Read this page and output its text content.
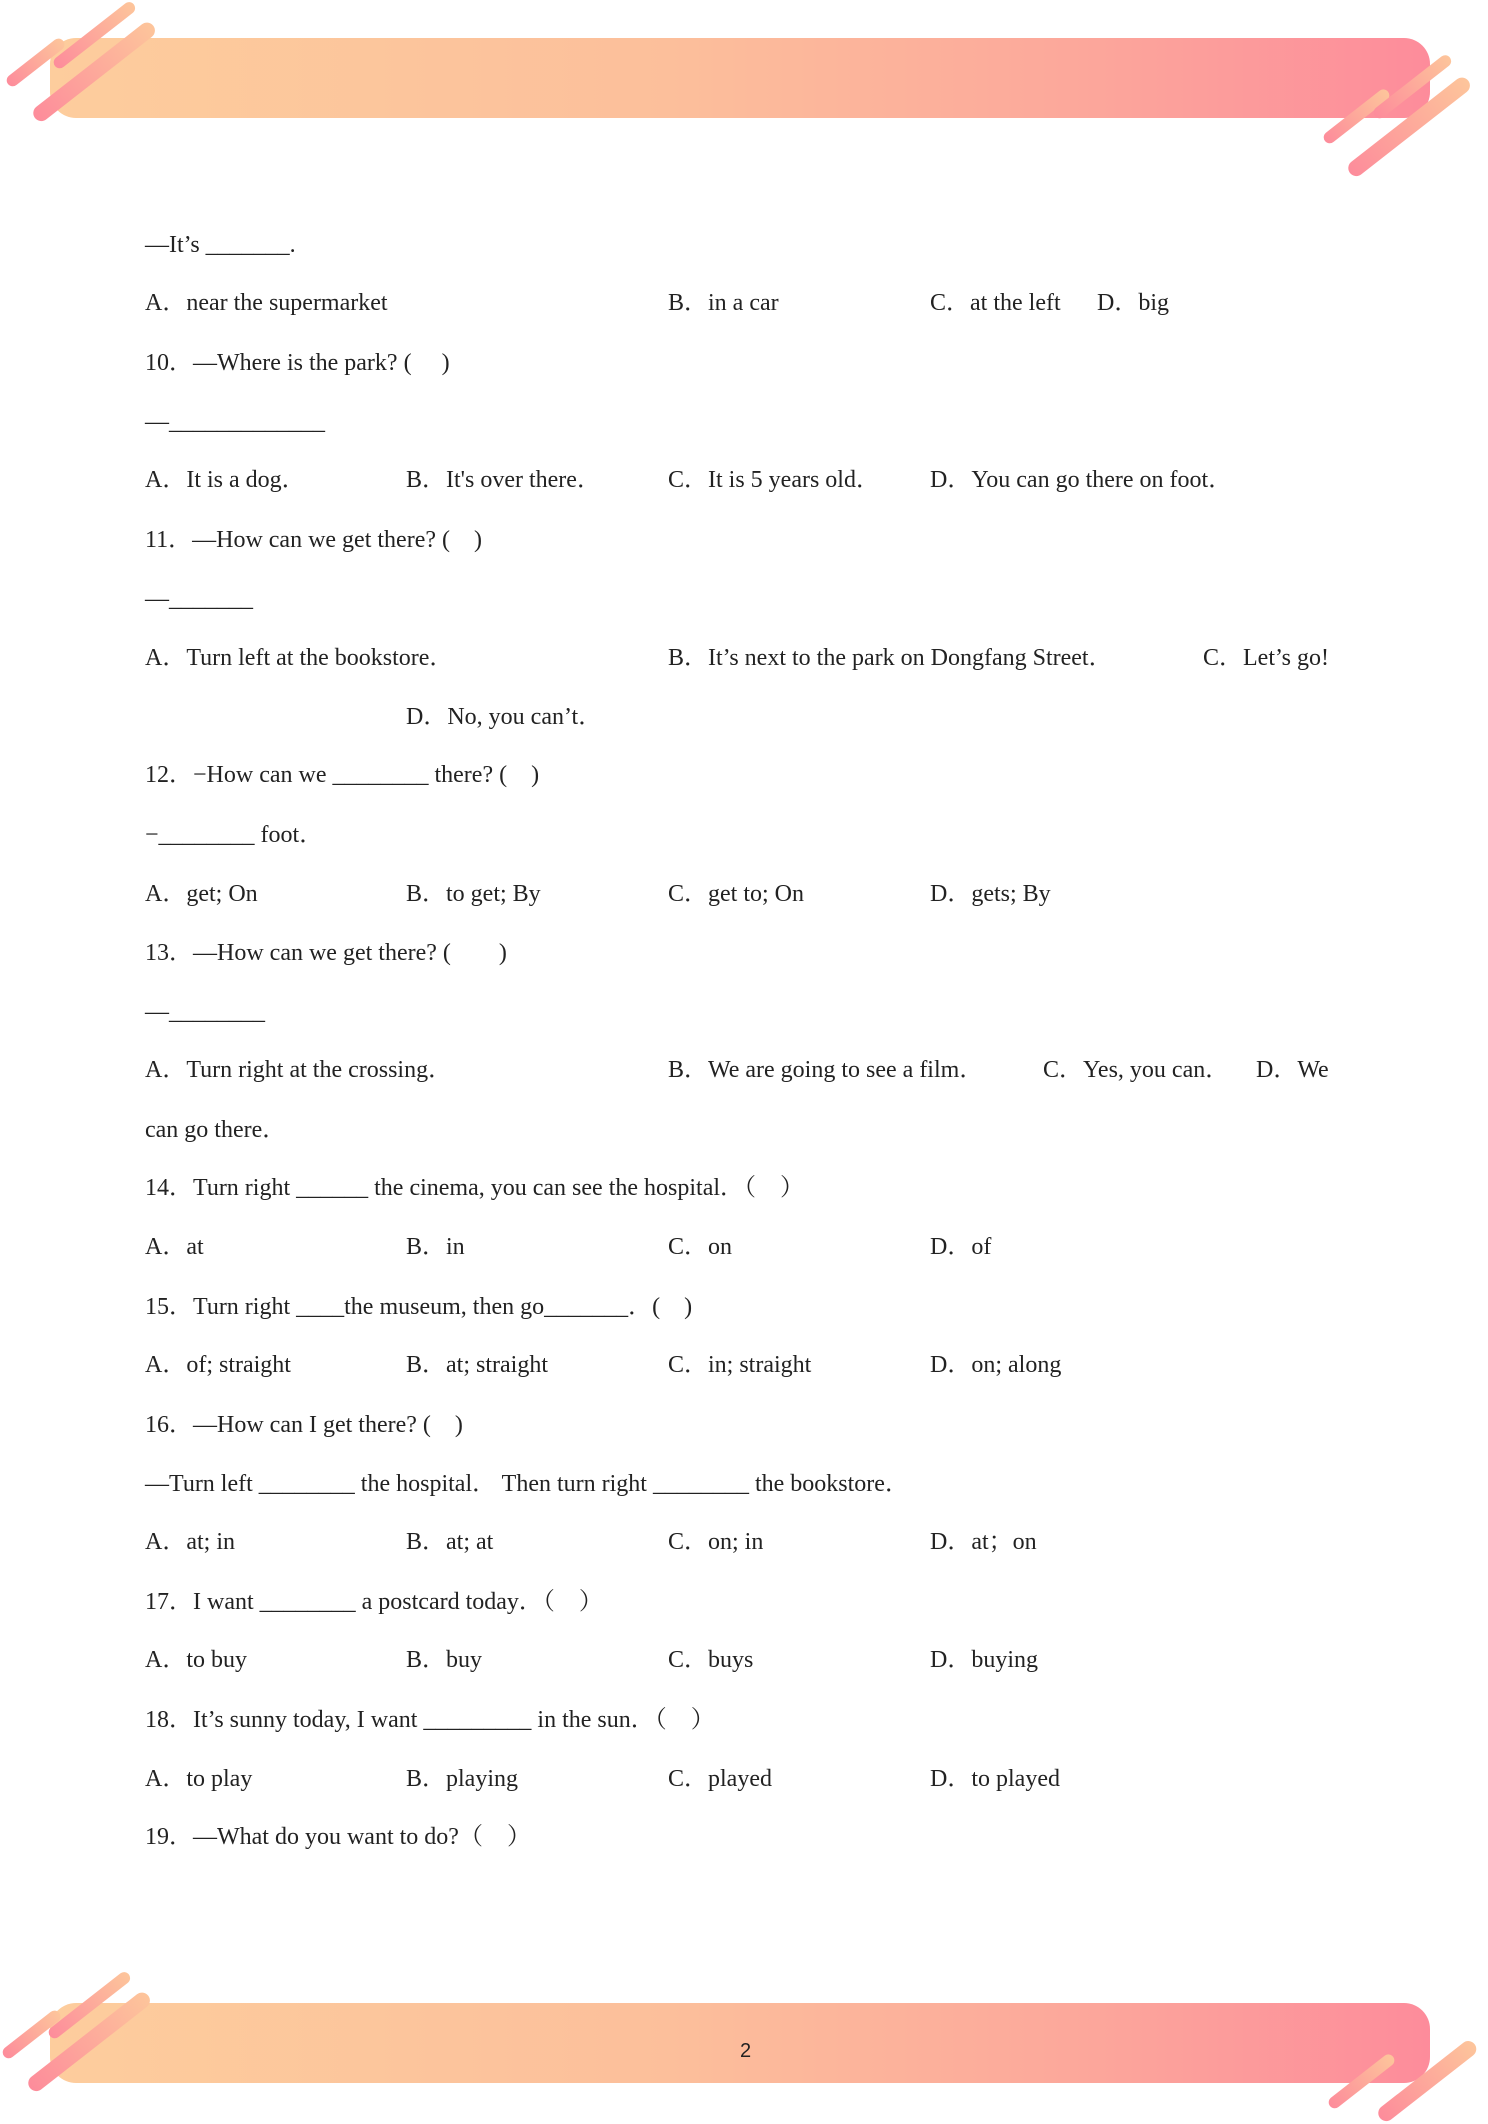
—It’s _______.
A．near the supermarket	B．in a car	C．at the left D．big
10．—Where is the park? (　 )
—_____________
A．It is a dog．	B．It's over there．	C．It is 5 years old． D．You can go there on foot．
11．—How can we get there? (　)
—_______
A．Turn left at the bookstore．	B．It’s next to the park on Dongfang Street．	C．Let’s go!
D．No, you can’t．
12．−How can we ________ there? (　)
−________ foot．
A．get; On	B．to get; By	C．get to; On	D．gets; By
13．—How can we get there? (　　)
—________
A．Turn right at the crossing．	B．We are going to see a film． C．Yes, you can． D．We
can go there．
14．Turn right ______ the cinema, you can see the hospital．（　）
A．at	B．in	C．on	D．of
15．Turn right ____the museum, then go_______．(　)
A．of; straight	B．at; straight	C．in; straight	D．on; along
16．—How can I get there? (　)
—Turn left ________ the hospital． Then turn right ________ the bookstore．
A．at; in	B．at; at	C．on; in	D．at；on
17．I want ________ a postcard today．（　）
A．to buy	B．buy	C．buys	D．buying
18．It’s sunny today, I want _________ in the sun．（　）
A．to play	B．playing	C．played	D．to played
19．—What do you want to do?（　）
2
